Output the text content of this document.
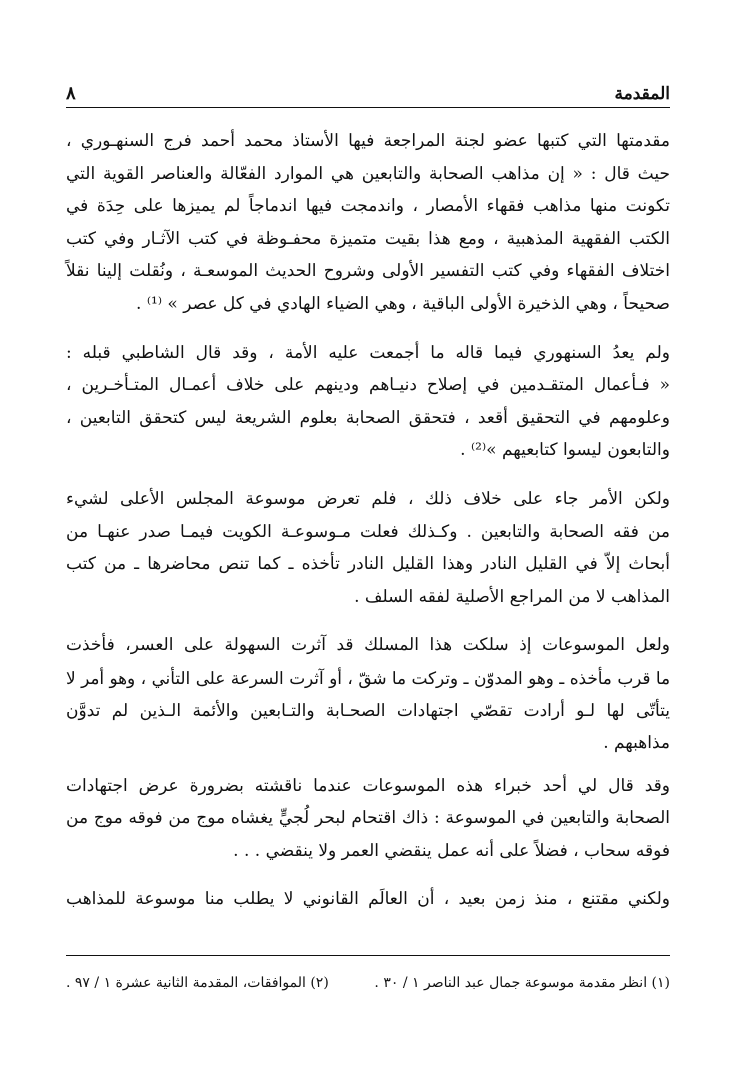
المقدمة
٨
مقدمتها التي كتبها عضو لجنة المراجعة فيها الأستاذ محمد أحمد فرج السنهـوري ،
حيث قال : « إن مذاهب الصحابة والتابعين هي الموارد الفعّالة والعناصر القوية التي
تكونت منها مذاهب فقهاء الأمصار ، واندمجت فيها اندماجاً لم يميزها على حِدَة في
الكتب الفقهية المذهبية ، ومع هذا بقيت متميزة محفـوظة في كتب الآثـار وفي كتب
اختلاف الفقهاء وفي كتب التفسير الأولى وشروح الحديث الموسعـة ، ونُقلت إلينا نقلاً
صحيحاً ، وهي الذخيرة الأولى الباقية ، وهي الضياء الهادي في كل عصر » ⁽¹⁾ .
ولم يعدُ السنهوري فيما قاله ما أجمعت عليه الأمة ، وقد قال الشاطبي قبله :
« فـأعمال المتقـدمين في إصلاح دنيـاهم ودينهم على خلاف أعمـال المتـأخـرين ،
وعلومهم في التحقيق أقعد ، فتحقق الصحابة بعلوم الشريعة ليس كتحقق التابعين ،
والتابعون ليسوا كتابعيهم »⁽²⁾ .
ولكن الأمر جاء على خلاف ذلك ، فلم تعرض موسوعة المجلس الأعلى لشيء
من فقه الصحابة والتابعين . وكـذلك فعلت مـوسوعـة الكويت فيمـا صدر عنهـا من
أبحاث إلاّ في القليل النادر وهذا القليل النادر تأخذه ـ كما تنص محاضرها ـ من كتب
المذاهب لا من المراجع الأصلية لفقه السلف .
ولعل الموسوعات إذ سلكت هذا المسلك قد آثرت السهولة على العسر، فأخذت
ما قرب مأخذه ـ وهو المدوّن ـ وتركت ما شقّ ، أو آثرت السرعة على التأني ، وهو أمر لا
يتأتّى لها لـو أرادت تقصّي اجتهادات الصحـابة والتـابعين والأئمة الـذين لم تدوَّن
مذاهبهم .
وقد قال لي أحد خبراء هذه الموسوعات عندما ناقشته بضرورة عرض اجتهادات
الصحابة والتابعين في الموسوعة : ذاك اقتحام لبحر لُجيٍّ يغشاه موج من فوقه موج من
فوقه سحاب ، فضلاً على أنه عمل ينقضي العمر ولا ينقضي . . .
ولكني مقتنع ، منذ زمن بعيد ، أن العالَم القانوني لا يطلب منا موسوعة للمذاهب
(١) انظر مقدمة موسوعة جمال عبد الناصر ١ / ٣٠ .
(٢) الموافقات، المقدمة الثانية عشرة ١ / ٩٧ .
